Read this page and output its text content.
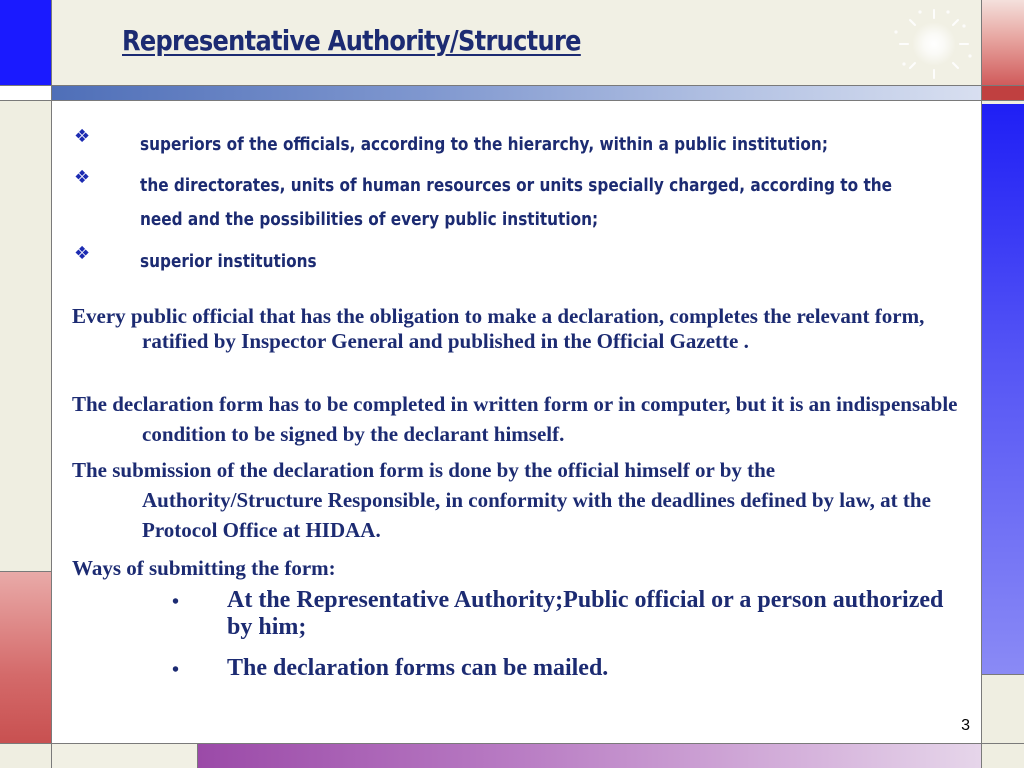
Representative Authority/Structure
❖	superiors of the officials, according to the hierarchy, within a public institution;

❖	the directorates, units of human resources or units specially charged, according to the need and the possibilities of every public institution;

❖	superior institutions

Every public official that has the obligation to make a declaration, completes the relevant form, ratified by Inspector General and published in the Official Gazette .

The declaration form has to be completed in written form or in computer, but it is an indispensable condition to be signed by the declarant himself.

The submission of the declaration form is done by the official himself or by the Authority/Structure Responsible, in conformity with the deadlines defined by law, at the Protocol Office at HIDAA.

Ways of submitting the form:

• At the Representative Authority;Public official or a person authorized by him;

• The declaration forms can be mailed.

3
